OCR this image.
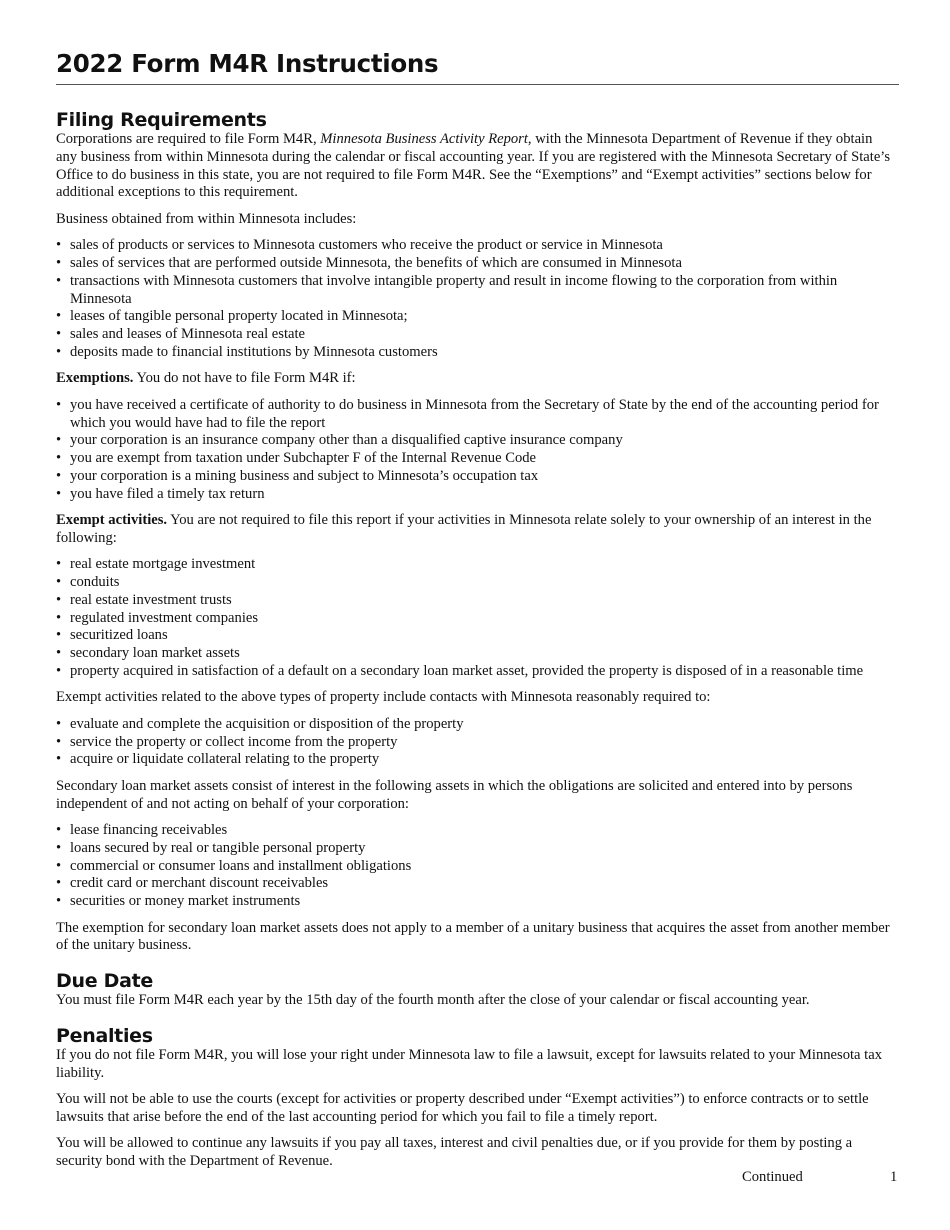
2022 Form M4R Instructions
Filing Requirements

Corporations are required to file Form M4R, Minnesota Business Activity Report, with the Minnesota Department of Revenue if they obtain any business from within Minnesota during the calendar or fiscal accounting year. If you are registered with the Minnesota Secretary of State’s Office to do business in this state, you are not required to file Form M4R. See the “Exemptions” and “Exempt activities” sections below for additional exceptions to this requirement.

Business obtained from within Minnesota includes:

• sales of products or services to Minnesota customers who receive the product or service in Minnesota
• sales of services that are performed outside Minnesota, the benefits of which are consumed in Minnesota
• transactions with Minnesota customers that involve intangible property and result in income flowing to the corporation from within Minnesota
• leases of tangible personal property located in Minnesota;
• sales and leases of Minnesota real estate
• deposits made to financial institutions by Minnesota customers

Exemptions. You do not have to file Form M4R if:

• you have received a certificate of authority to do business in Minnesota from the Secretary of State by the end of the accounting period for which you would have had to file the report
• your corporation is an insurance company other than a disqualified captive insurance company
• you are exempt from taxation under Subchapter F of the Internal Revenue Code
• your corporation is a mining business and subject to Minnesota’s occupation tax
• you have filed a timely tax return

Exempt activities. You are not required to file this report if your activities in Minnesota relate solely to your ownership of an interest in the following:

• real estate mortgage investment
• conduits
• real estate investment trusts
• regulated investment companies
• securitized loans
• secondary loan market assets
• property acquired in satisfaction of a default on a secondary loan market asset, provided the property is disposed of in a reasonable time

Exempt activities related to the above types of property include contacts with Minnesota reasonably required to:

• evaluate and complete the acquisition or disposition of the property
• service the property or collect income from the property
• acquire or liquidate collateral relating to the property

Secondary loan market assets consist of interest in the following assets in which the obligations are solicited and entered into by persons independent of and not acting on behalf of your corporation:

• lease financing receivables
• loans secured by real or tangible personal property
• commercial or consumer loans and installment obligations
• credit card or merchant discount receivables
• securities or money market instruments

The exemption for secondary loan market assets does not apply to a member of a unitary business that acquires the asset from another member of the unitary business.

Due Date

You must file Form M4R each year by the 15th day of the fourth month after the close of your calendar or fiscal accounting year.

Penalties

If you do not file Form M4R, you will lose your right under Minnesota law to file a lawsuit, except for lawsuits related to your Minnesota tax liability.

You will not be able to use the courts (except for activities or property described under “Exempt activities”) to enforce contracts or to settle lawsuits that arise before the end of the last accounting period for which you fail to file a timely report.

You will be allowed to continue any lawsuits if you pay all taxes, interest and civil penalties due, or if you provide for them by posting a security bond with the Department of Revenue.

Continued	1
